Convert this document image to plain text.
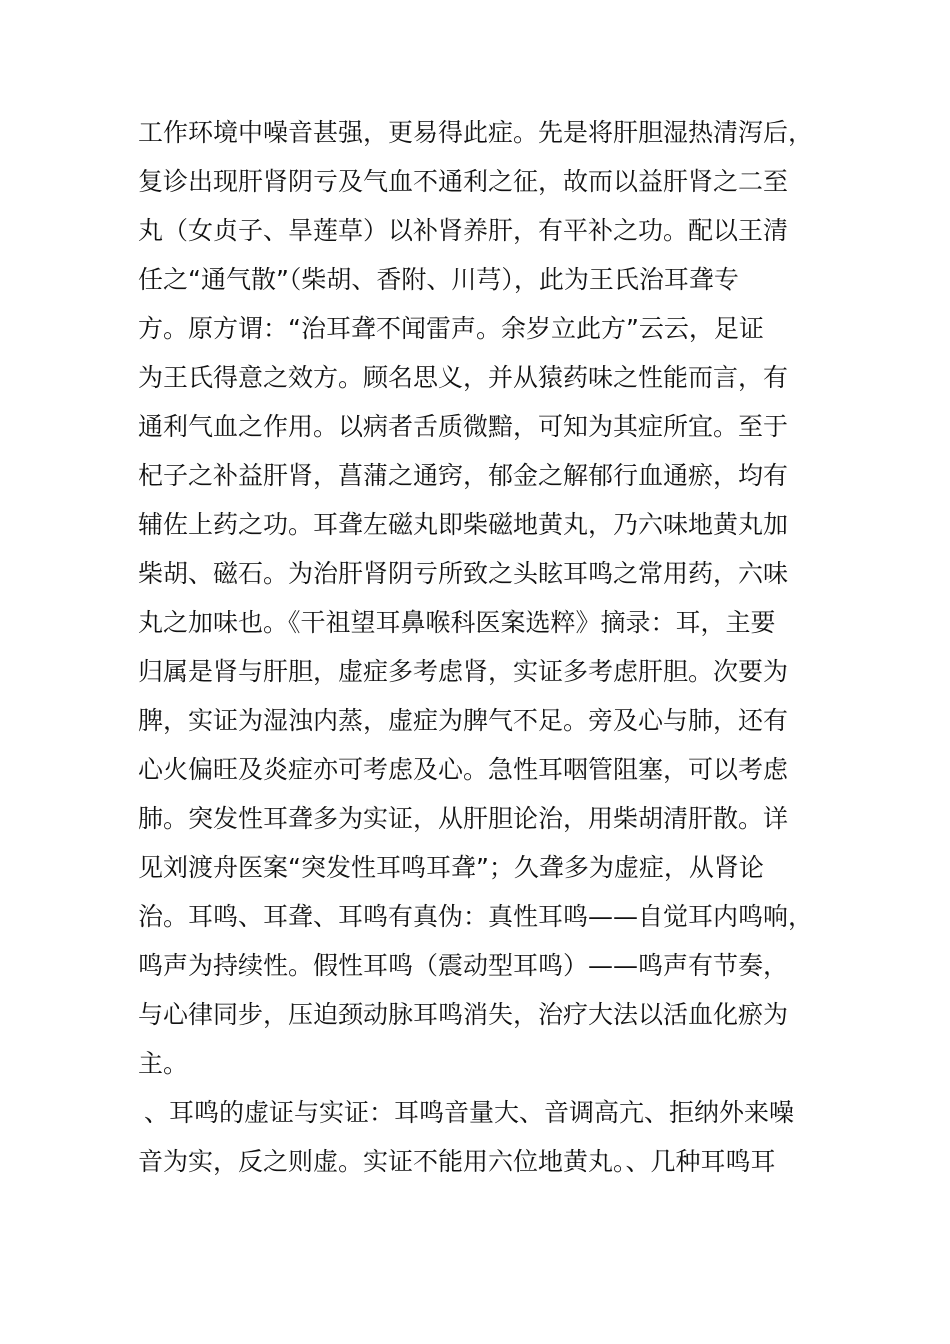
工作环境中噪音甚强，更易得此症。先是将肝胆湿热清泻后，
复诊出现肝肾阴亏及气血不通利之征，故而以益肝肾之二至
丸（女贞子、旱莲草）以补肾养肝，有平补之功。配以王清
任之“通气散”（柴胡、香附、川芎），此为王氏治耳聋专
方。原方谓：“治耳聋不闻雷声。余岁立此方”云云，足证
为王氏得意之效方。顾名思义，并从猿药味之性能而言，有
通利气血之作用。以病者舌质微黯，可知为其症所宜。至于
杞子之补益肝肾，菖蒲之通窍，郁金之解郁行血通瘀，均有
辅佐上药之功。耳聋左磁丸即柴磁地黄丸，乃六味地黄丸加
柴胡、磁石。为治肝肾阴亏所致之头眩耳鸣之常用药，六味
丸之加味也。《干祖望耳鼻喉科医案选粹》摘录：耳，主要
归属是肾与肝胆，虚症多考虑肾，实证多考虑肝胆。次要为
脾，实证为湿浊内蒸，虚症为脾气不足。旁及心与肺，还有
心火偏旺及炎症亦可考虑及心。急性耳咽管阻塞，可以考虑
肺。突发性耳聋多为实证，从肝胆论治，用柴胡清肝散。详
见刘渡舟医案“突发性耳鸣耳聋”；久聋多为虚症，从肾论
治。耳鸣、耳聋、耳鸣有真伪：真性耳鸣——自觉耳内鸣响，
鸣声为持续性。假性耳鸣（震动型耳鸣）——鸣声有节奏，
与心律同步，压迫颈动脉耳鸣消失，治疗大法以活血化瘀为
主。
、耳鸣的虚证与实证：耳鸣音量大、音调高亢、拒纳外来噪
音为实，反之则虚。实证不能用六位地黄丸。、几种耳鸣耳
